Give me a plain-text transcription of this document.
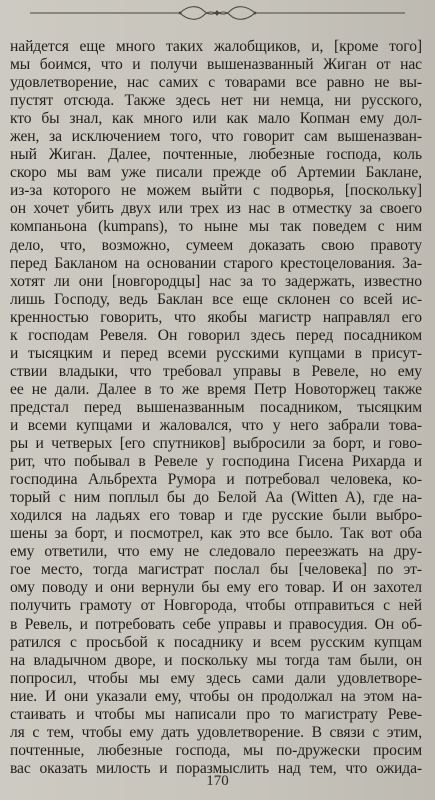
найдется еще много таких жалобщиков, и, [кроме того]
мы боимся, что и получи вышеназванный Жиган от нас
удовлетворение, нас самих с товарами все равно не вы-
пустят отсюда. Также здесь нет ни немца, ни русского,
кто бы знал, как много или как мало Копман ему дол-
жен, за исключением того, что говорит сам вышеназван-
ный Жиган. Далее, почтенные, любезные господа, коль
скоро мы вам уже писали прежде об Артемии Баклане,
из-за которого не можем выйти с подворья, [поскольку]
он хочет убить двух или трех из нас в отместку за своего
компаньона (kumpans), то ныне мы так поведем с ним
дело, что, возможно, сумеем доказать свою правоту
перед Бакланом на основании старого крестоцелования. За-
хотят ли они [новгородцы] нас за то задержать, известно
лишь Господу, ведь Баклан все еще склонен со всей ис-
кренностью говорить, что якобы магистр направлял его
к господам Ревеля. Он говорил здесь перед посадником
и тысяцким и перед всеми русскими купцами в присут-
ствии владыки, что требовал управы в Ревеле, но ему
ее не дали. Далее в то же время Петр Новоторжец также
предстал перед вышеназванным посадником, тысяцким
и всеми купцами и жаловался, что у него забрали това-
ры и четверых [его спутников] выбросили за борт, и гово-
рит, что побывал в Ревеле у господина Гисена Рихарда и
господина Альбрехта Румора и потребовал человека, ко-
торый с ним поплыл бы до Белой Аа (Witten A), где на-
ходился на ладьях его товар и где русские были выбро-
шены за борт, и посмотрел, как это все было. Так вот оба
ему ответили, что ему не следовало переезжать на дру-
гое место, тогда магистрат послал бы [человека] по эт-
ому поводу и они вернули бы ему его товар. И он захотел
получить грамоту от Новгорода, чтобы отправиться с ней
в Ревель, и потребовать себе управы и правосудия. Он об-
ратился с просьбой к посаднику и всем русским купцам
на владычном дворе, и поскольку мы тогда там были, он
попросил, чтобы мы ему здесь сами дали удовлетворе-
ние. И они указали ему, чтобы он продолжал на этом на-
стаивать и чтобы мы написали про то магистрату Реве-
ля с тем, чтобы ему дать удовлетворение. В связи с этим,
почтенные, любезные господа, мы по-дружески просим
вас оказать милость и поразмыслить над тем, что ожида-
170
